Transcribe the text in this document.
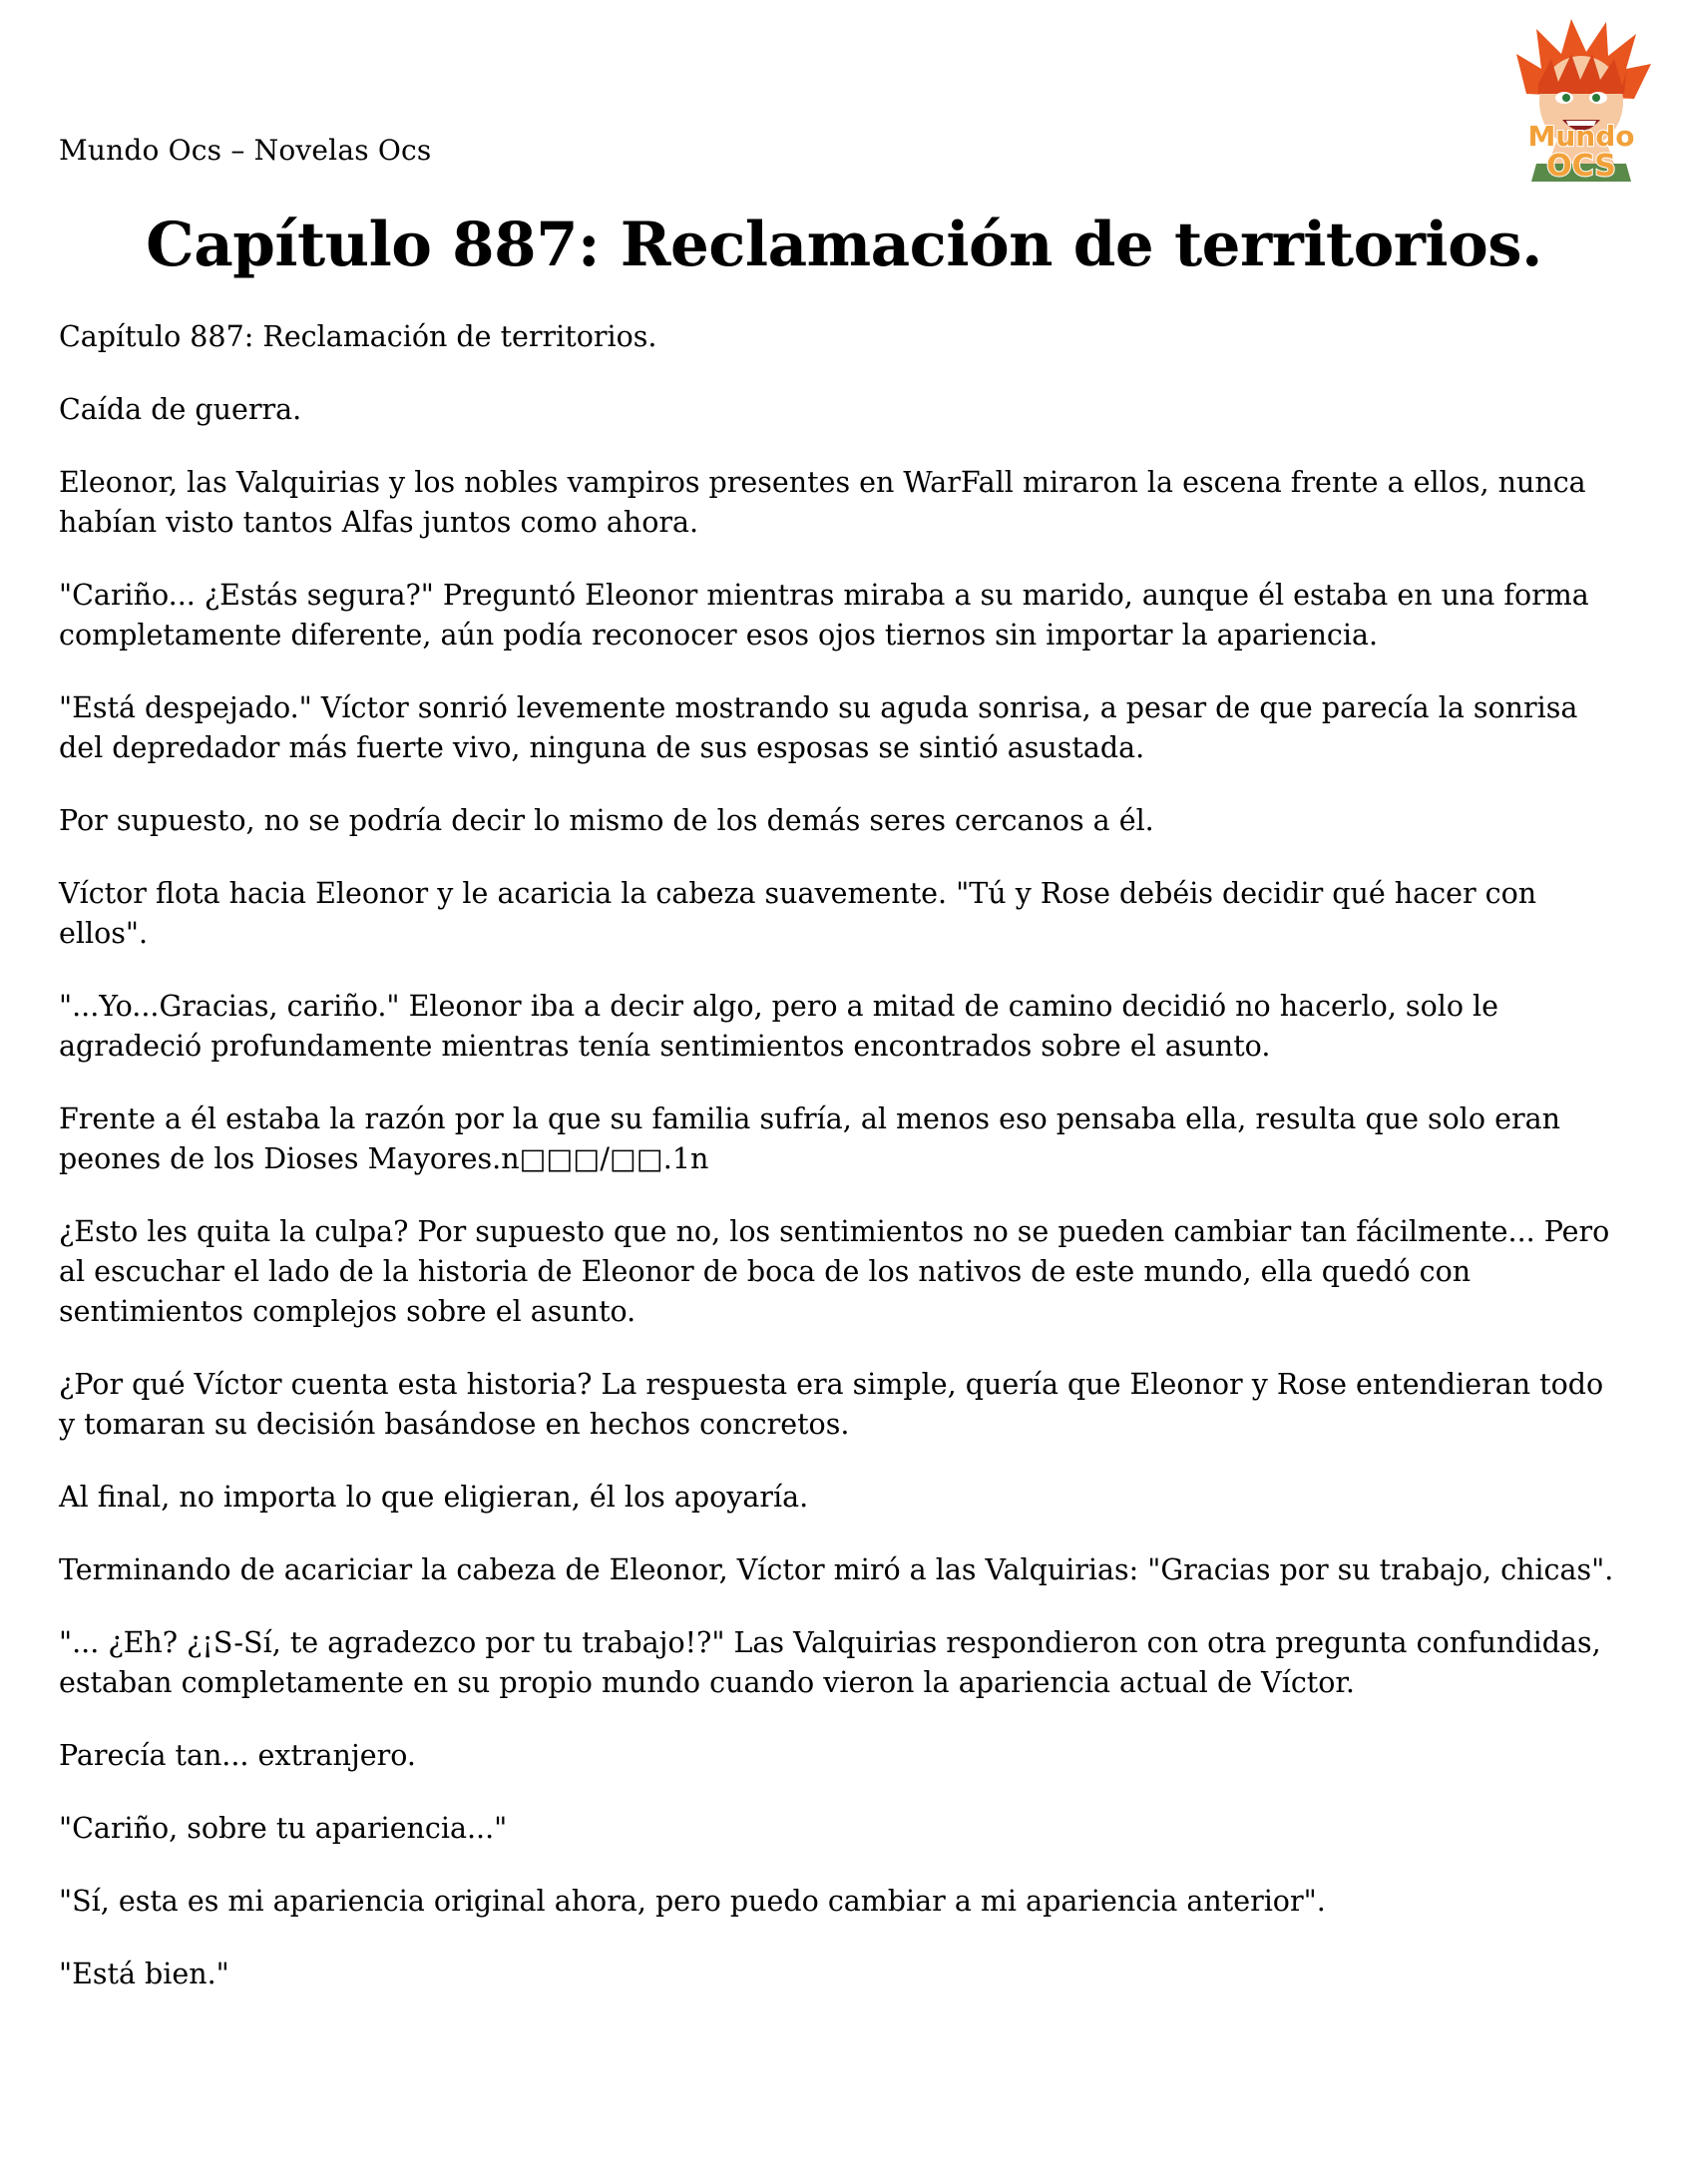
Mundo Ocs – Novelas Ocs	Mundo
OCS
Capítulo 887: Reclamación de territorios.

Capítulo 887: Reclamación de territorios.

Caída de guerra.

Eleonor, las Valquirias y los nobles vampiros presentes en WarFall miraron la escena frente a ellos, nunca habían visto tantos Alfas juntos como ahora.

"Cariño... ¿Estás segura?" Preguntó Eleonor mientras miraba a su marido, aunque él estaba en una forma completamente diferente, aún podía reconocer esos ojos tiernos sin importar la apariencia.

"Está despejado." Víctor sonrió levemente mostrando su aguda sonrisa, a pesar de que parecía la sonrisa del depredador más fuerte vivo, ninguna de sus esposas se sintió asustada.

Por supuesto, no se podría decir lo mismo de los demás seres cercanos a él.

Víctor flota hacia Eleonor y le acaricia la cabeza suavemente. "Tú y Rose debéis decidir qué hacer con ellos".

"...Yo...Gracias, cariño." Eleonor iba a decir algo, pero a mitad de camino decidió no hacerlo, solo le agradeció profundamente mientras tenía sentimientos encontrados sobre el asunto.

Frente a él estaba la razón por la que su familia sufría, al menos eso pensaba ella, resulta que solo eran peones de los Dioses Mayores.n□□□/□□.1n

¿Esto les quita la culpa? Por supuesto que no, los sentimientos no se pueden cambiar tan fácilmente... Pero al escuchar el lado de la historia de Eleonor de boca de los nativos de este mundo, ella quedó con sentimientos complejos sobre el asunto.

¿Por qué Víctor cuenta esta historia? La respuesta era simple, quería que Eleonor y Rose entendieran todo y tomaran su decisión basándose en hechos concretos.

Al final, no importa lo que eligieran, él los apoyaría.

Terminando de acariciar la cabeza de Eleonor, Víctor miró a las Valquirias: "Gracias por su trabajo, chicas".

"... ¿Eh? ¿¡S-Sí, te agradezco por tu trabajo!?" Las Valquirias respondieron con otra pregunta confundidas, estaban completamente en su propio mundo cuando vieron la apariencia actual de Víctor.

Parecía tan... extranjero.

"Cariño, sobre tu apariencia..."

"Sí, esta es mi apariencia original ahora, pero puedo cambiar a mi apariencia anterior".

"Está bien."
